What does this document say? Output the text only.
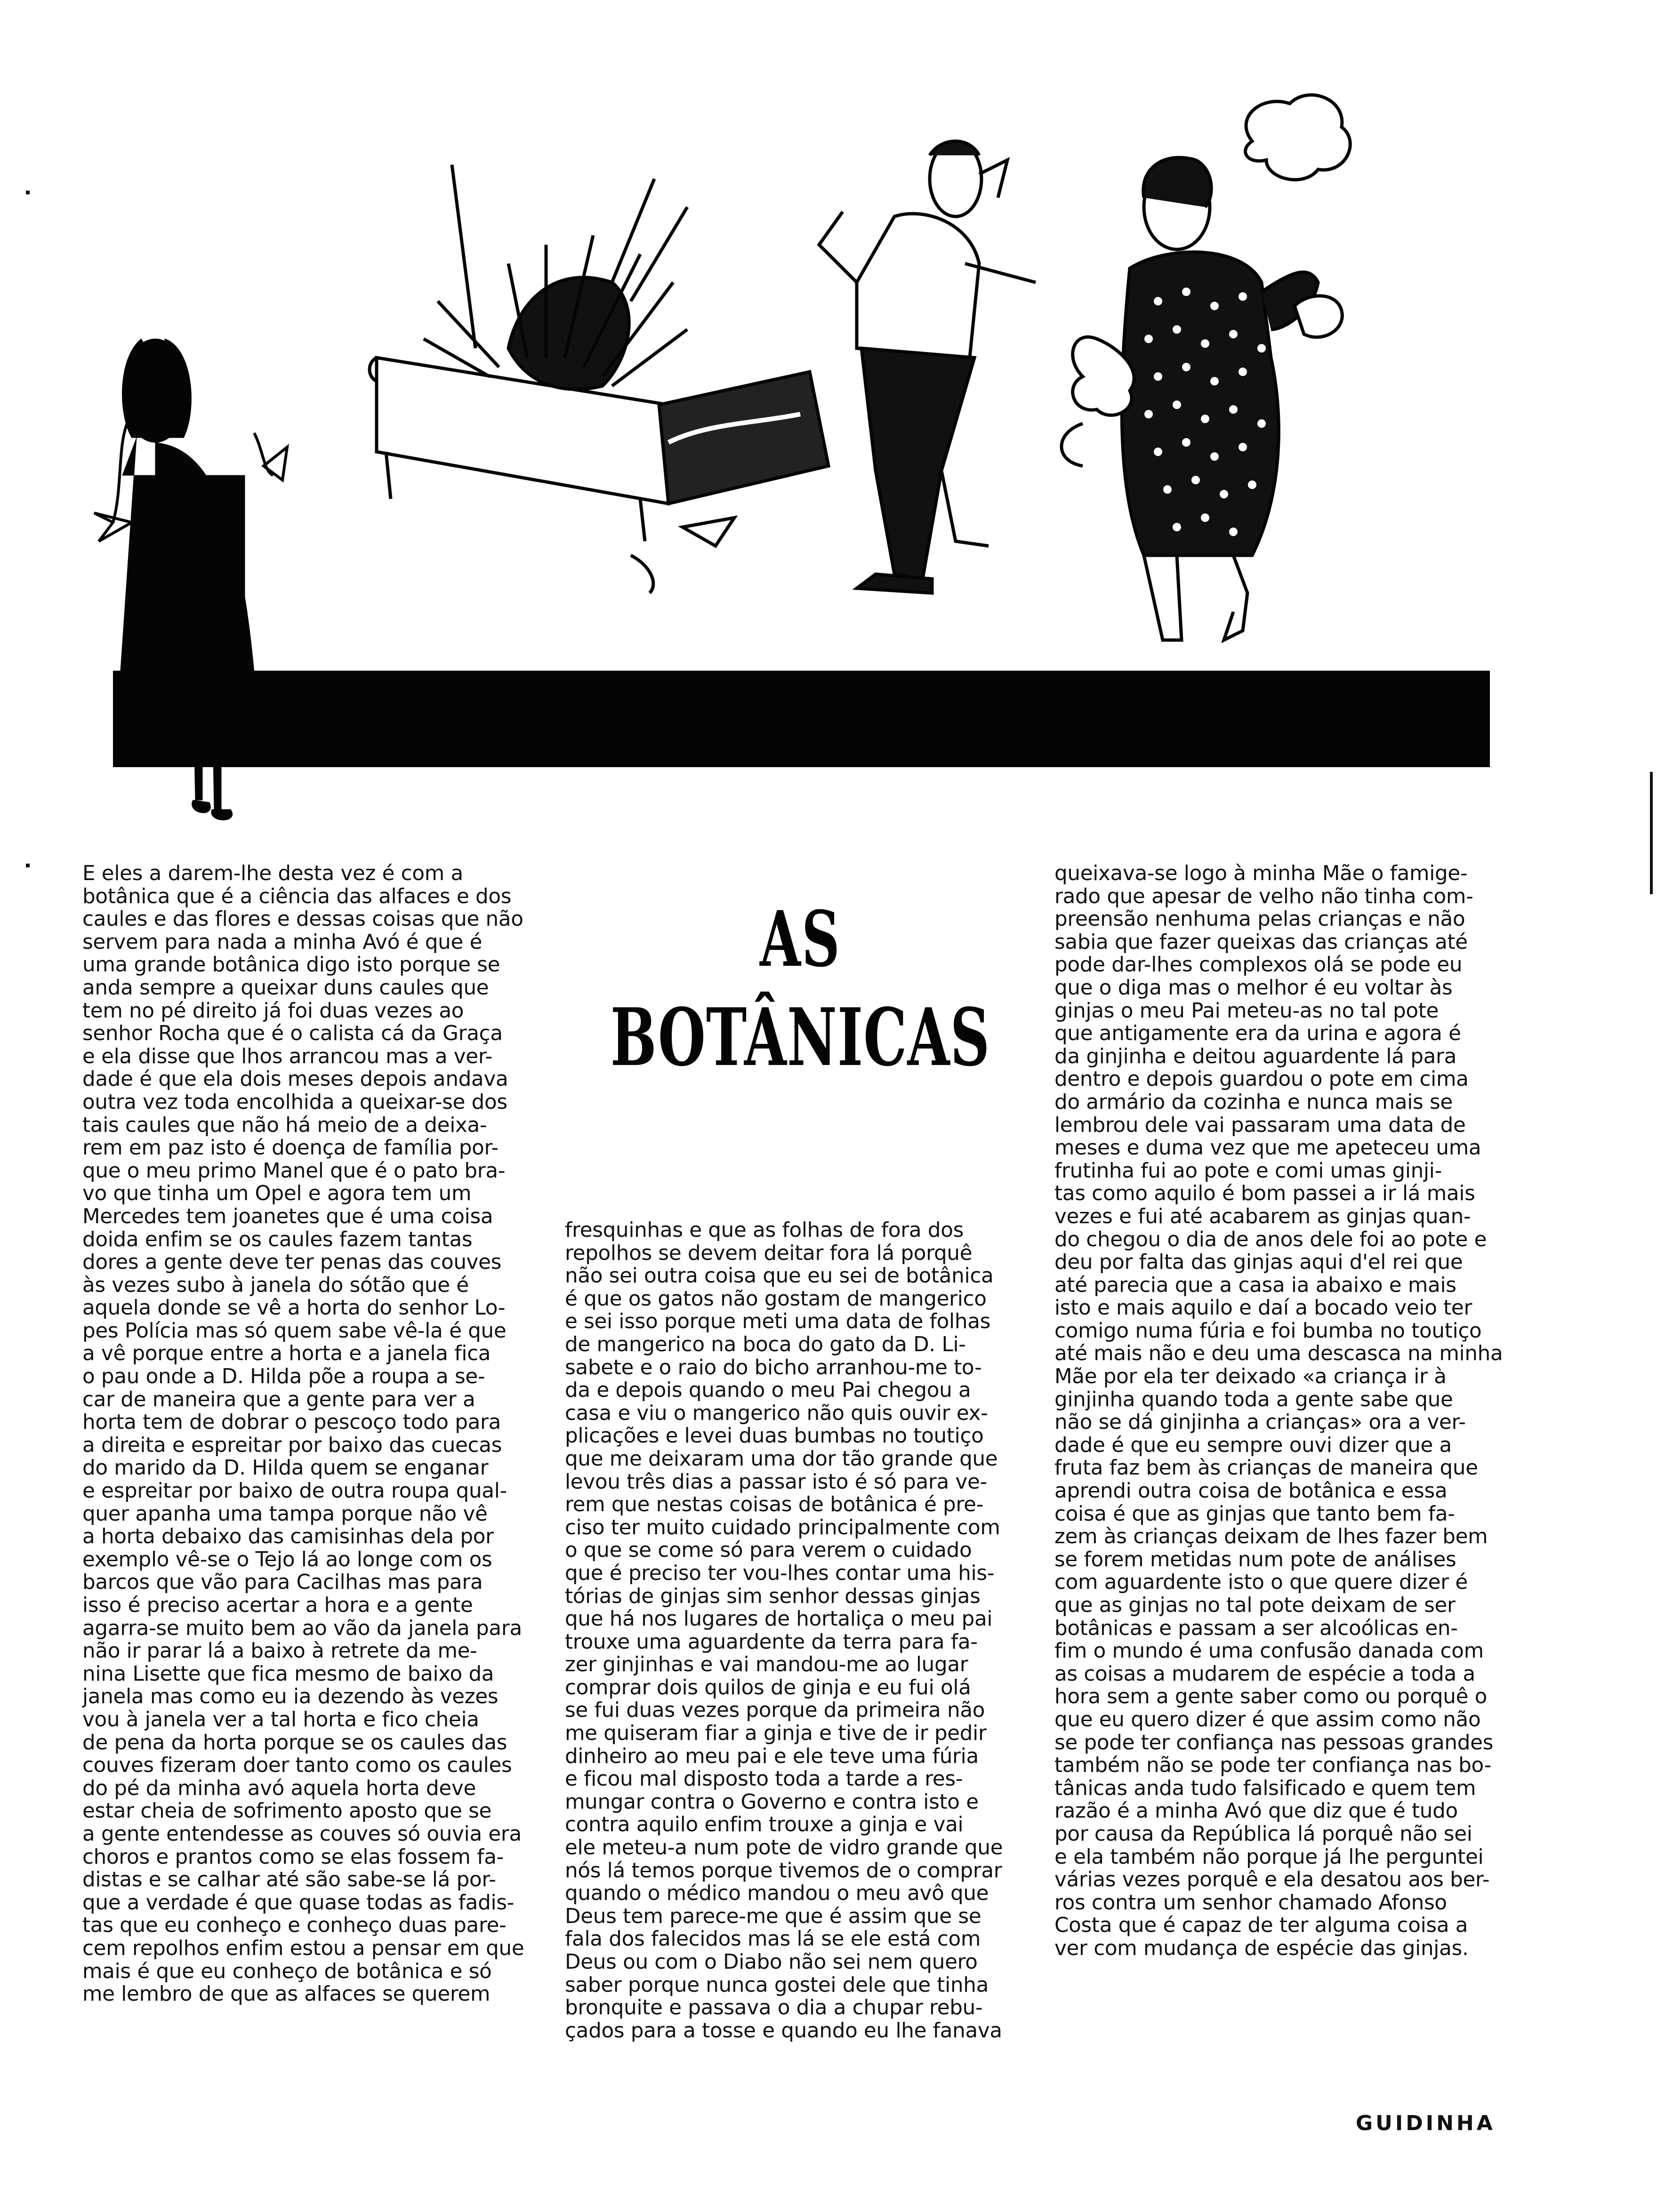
AS
BOTÂNICAS
E eles a darem-lhe desta vez é com a
botânica que é a ciência das alfaces e dos
caules e das flores e dessas coisas que não
servem para nada a minha Avó é que é
uma grande botânica digo isto porque se
anda sempre a queixar duns caules que
tem no pé direito já foi duas vezes ao
senhor Rocha que é o calista cá da Graça
e ela disse que lhos arrancou mas a ver-
dade é que ela dois meses depois andava
outra vez toda encolhida a queixar-se dos
tais caules que não há meio de a deixa-
rem em paz isto é doença de família por-
que o meu primo Manel que é o pato bra-
vo que tinha um Opel e agora tem um
Mercedes tem joanetes que é uma coisa
doida enfim se os caules fazem tantas
dores a gente deve ter penas das couves
às vezes subo à janela do sótão que é
aquela donde se vê a horta do senhor Lo-
pes Polícia mas só quem sabe vê-la é que
a vê porque entre a horta e a janela fica
o pau onde a D. Hilda põe a roupa a se-
car de maneira que a gente para ver a
horta tem de dobrar o pescoço todo para
a direita e espreitar por baixo das cuecas
do marido da D. Hilda quem se enganar
e espreitar por baixo de outra roupa qual-
quer apanha uma tampa porque não vê
a horta debaixo das camisinhas dela por
exemplo vê-se o Tejo lá ao longe com os
barcos que vão para Cacilhas mas para
isso é preciso acertar a hora e a gente
agarra-se muito bem ao vão da janela para
não ir parar lá a baixo à retrete da me-
nina Lisette que fica mesmo de baixo da
janela mas como eu ia dezendo às vezes
vou à janela ver a tal horta e fico cheia
de pena da horta porque se os caules das
couves fizeram doer tanto como os caules
do pé da minha avó aquela horta deve
estar cheia de sofrimento aposto que se
a gente entendesse as couves só ouvia era
choros e prantos como se elas fossem fa-
distas e se calhar até são sabe-se lá por-
que a verdade é que quase todas as fadis-
tas que eu conheço e conheço duas pare-
cem repolhos enfim estou a pensar em que
mais é que eu conheço de botânica e só
me lembro de que as alfaces se querem
fresquinhas e que as folhas de fora dos
repolhos se devem deitar fora lá porquê
não sei outra coisa que eu sei de botânica
é que os gatos não gostam de mangerico
e sei isso porque meti uma data de folhas
de mangerico na boca do gato da D. Li-
sabete e o raio do bicho arranhou-me to-
da e depois quando o meu Pai chegou a
casa e viu o mangerico não quis ouvir ex-
plicações e levei duas bumbas no toutiço
que me deixaram uma dor tão grande que
levou três dias a passar isto é só para ve-
rem que nestas coisas de botânica é pre-
ciso ter muito cuidado principalmente com
o que se come só para verem o cuidado
que é preciso ter vou-lhes contar uma his-
tórias de ginjas sim senhor dessas ginjas
que há nos lugares de hortaliça o meu pai
trouxe uma aguardente da terra para fa-
zer ginjinhas e vai mandou-me ao lugar
comprar dois quilos de ginja e eu fui olá
se fui duas vezes porque da primeira não
me quiseram fiar a ginja e tive de ir pedir
dinheiro ao meu pai e ele teve uma fúria
e ficou mal disposto toda a tarde a res-
mungar contra o Governo e contra isto e
contra aquilo enfim trouxe a ginja e vai
ele meteu-a num pote de vidro grande que
nós lá temos porque tivemos de o comprar
quando o médico mandou o meu avô que
Deus tem parece-me que é assim que se
fala dos falecidos mas lá se ele está com
Deus ou com o Diabo não sei nem quero
saber porque nunca gostei dele que tinha
bronquite e passava o dia a chupar rebu-
çados para a tosse e quando eu lhe fanava
queixava-se logo à minha Mãe o famige-
rado que apesar de velho não tinha com-
preensão nenhuma pelas crianças e não
sabia que fazer queixas das crianças até
pode dar-lhes complexos olá se pode eu
que o diga mas o melhor é eu voltar às
ginjas o meu Pai meteu-as no tal pote
que antigamente era da urina e agora é
da ginjinha e deitou aguardente lá para
dentro e depois guardou o pote em cima
do armário da cozinha e nunca mais se
lembrou dele vai passaram uma data de
meses e duma vez que me apeteceu uma
frutinha fui ao pote e comi umas ginji-
tas como aquilo é bom passei a ir lá mais
vezes e fui até acabarem as ginjas quan-
do chegou o dia de anos dele foi ao pote e
deu por falta das ginjas aqui d'el rei que
até parecia que a casa ia abaixo e mais
isto e mais aquilo e daí a bocado veio ter
comigo numa fúria e foi bumba no toutiço
até mais não e deu uma descasca na minha
Mãe por ela ter deixado «a criança ir à
ginjinha quando toda a gente sabe que
não se dá ginjinha a crianças» ora a ver-
dade é que eu sempre ouvi dizer que a
fruta faz bem às crianças de maneira que
aprendi outra coisa de botânica e essa
coisa é que as ginjas que tanto bem fa-
zem às crianças deixam de lhes fazer bem
se forem metidas num pote de análises
com aguardente isto o que quere dizer é
que as ginjas no tal pote deixam de ser
botânicas e passam a ser alcoólicas en-
fim o mundo é uma confusão danada com
as coisas a mudarem de espécie a toda a
hora sem a gente saber como ou porquê o
que eu quero dizer é que assim como não
se pode ter confiança nas pessoas grandes
também não se pode ter confiança nas bo-
tânicas anda tudo falsificado e quem tem
razão é a minha Avó que diz que é tudo
por causa da República lá porquê não sei
e ela também não porque já lhe perguntei
várias vezes porquê e ela desatou aos ber-
ros contra um senhor chamado Afonso
Costa que é capaz de ter alguma coisa a
ver com mudança de espécie das ginjas.
GUIDINHA
